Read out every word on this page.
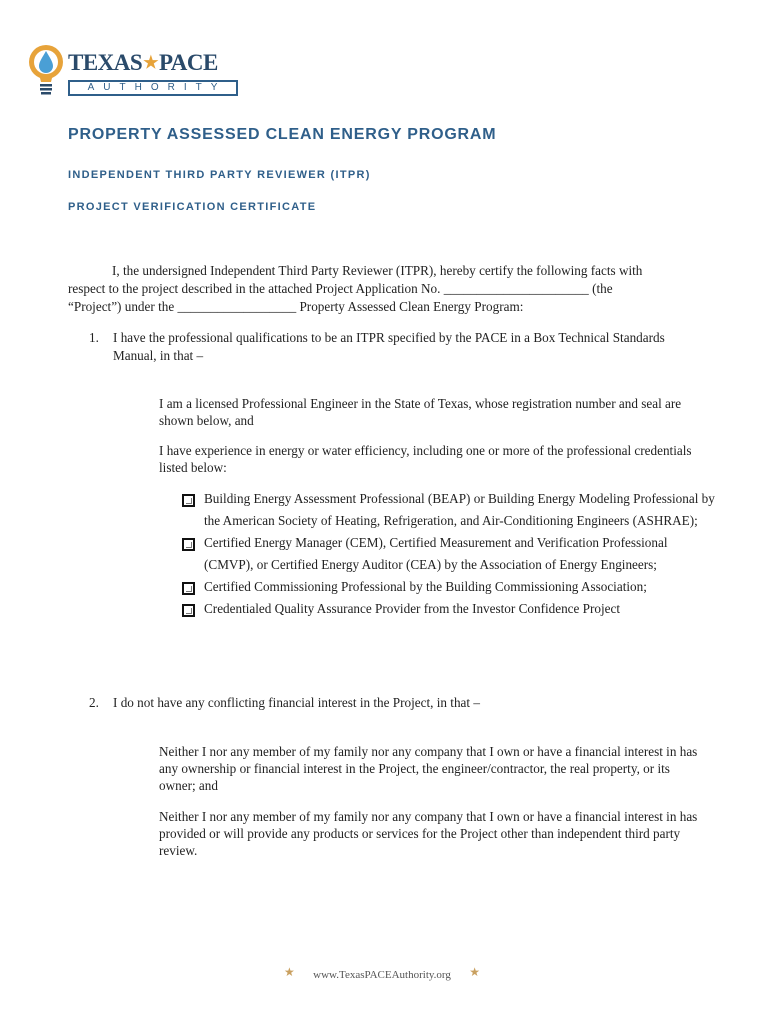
TEXAS★PACE
AUTHORITY
PROPERTY ASSESSED CLEAN ENERGY PROGRAM
INDEPENDENT THIRD PARTY REVIEWER (ITPR)
PROJECT VERIFICATION CERTIFICATE
I, the undersigned Independent Third Party Reviewer (ITPR), hereby certify the following facts with
respect to the project described in the attached Project Application No. ______________________ (the
“Project”) under the __________________ Property Assessed Clean Energy Program:
1. I have the professional qualifications to be an ITPR specified by the PACE in a Box Technical Standards Manual, in that –
I am a licensed Professional Engineer in the State of Texas, whose registration number and seal are shown below, and
I have experience in energy or water efficiency, including one or more of the professional credentials listed below:
Building Energy Assessment Professional (BEAP) or Building Energy Modeling Professional by the American Society of Heating, Refrigeration, and Air-Conditioning Engineers (ASHRAE);
Certified Energy Manager (CEM), Certified Measurement and Verification Professional (CMVP), or Certified Energy Auditor (CEA) by the Association of Energy Engineers;
Certified Commissioning Professional by the Building Commissioning Association;
Credentialed Quality Assurance Provider from the Investor Confidence Project
2. I do not have any conflicting financial interest in the Project, in that –
Neither I nor any member of my family nor any company that I own or have a financial interest in has any ownership or financial interest in the Project, the engineer/contractor, the real property, or its owner; and
Neither I nor any member of my family nor any company that I own or have a financial interest in has provided or will provide any products or services for the Project other than independent third party review.
★ www.TexasPACEAuthority.org ★
